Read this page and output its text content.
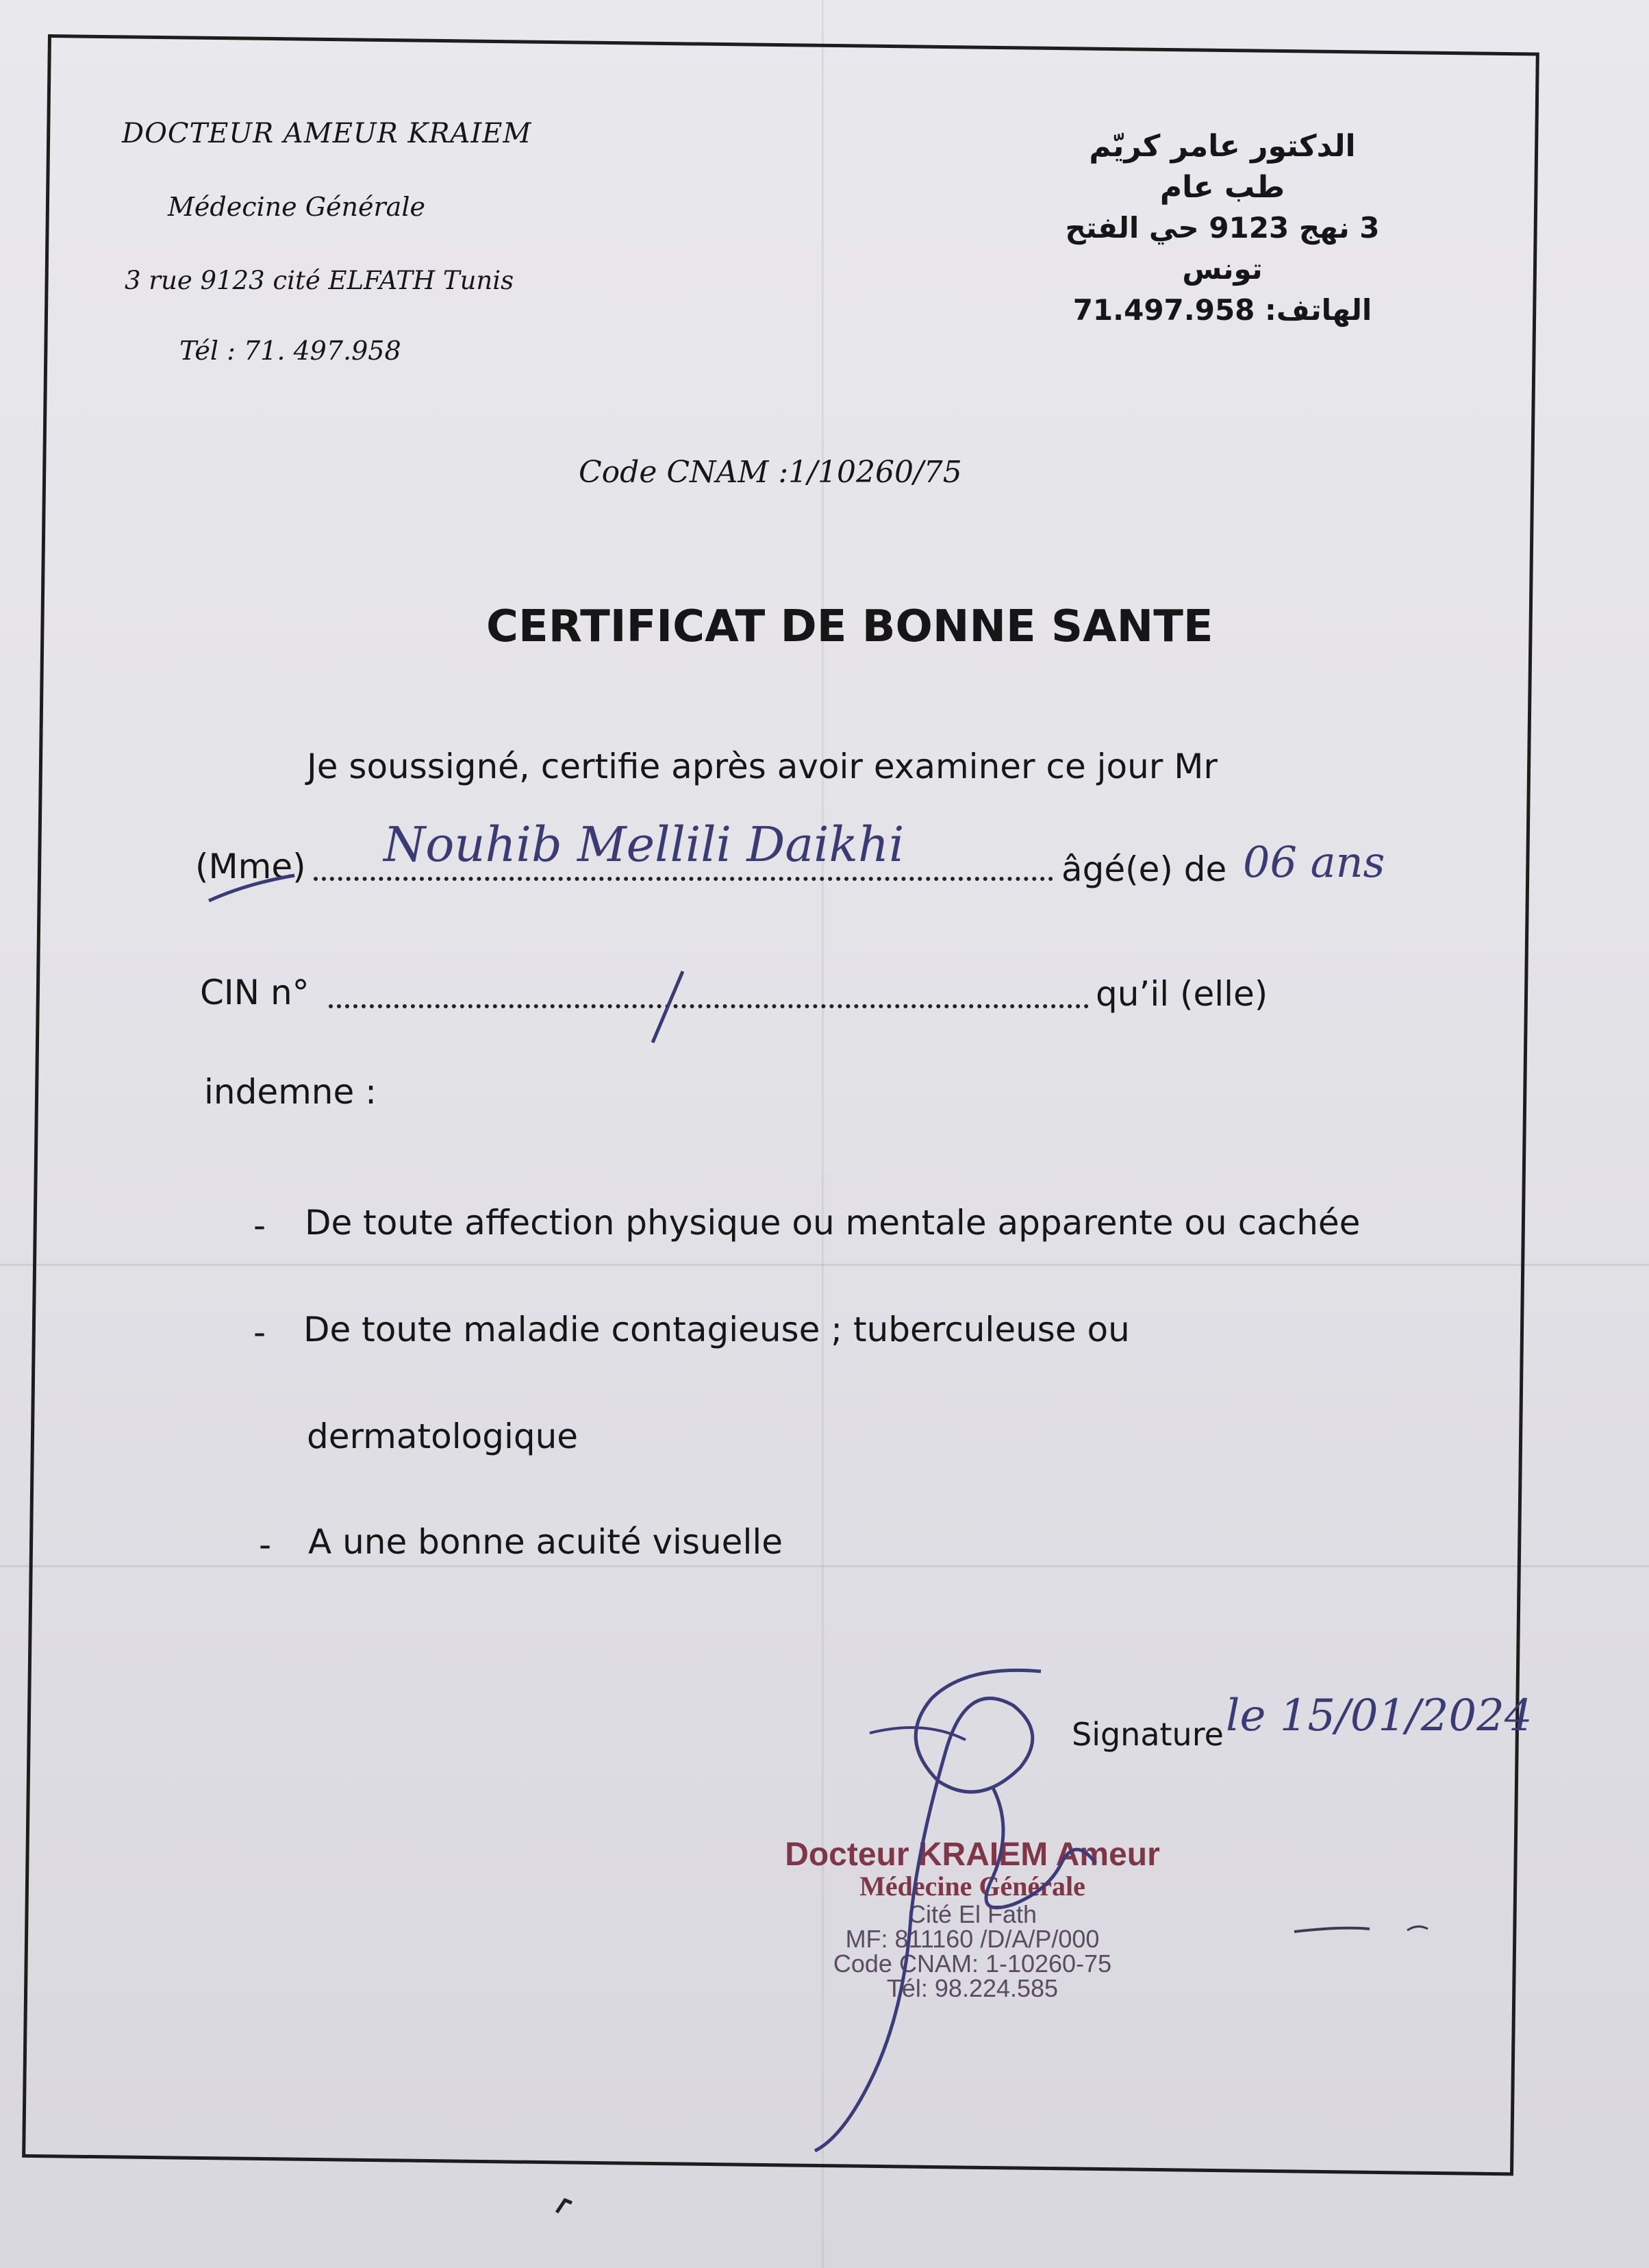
DOCTEUR AMEUR KRAIEM
Médecine Générale
3 rue 9123 cité ELFATH Tunis
Tél : 71. 497.958
الدكتور عامر كريّم
طب عام
3 نهج 9123 حي الفتح
تونس
الهاتف: 71.497.958
Code CNAM :1/10260/75
CERTIFICAT DE BONNE SANTE
Je soussigné, certifie après avoir examiner ce jour Mr
(Mme) Nouhib Mellili Daikhi	âgé(e) de 06 ans
CIN n°	qu’il (elle)
indemne :
- De toute affection physique ou mentale apparente ou cachée
- De toute maladie contagieuse ; tuberculeuse ou
dermatologique
- A une bonne acuité visuelle
Signature le 15/01/2024
Docteur KRAIEM Ameur
Médecine Générale
Cité El Fath
MF: 811160 /D/A/P/000
Code CNAM: 1-10260-75
Tél: 98.224.585
